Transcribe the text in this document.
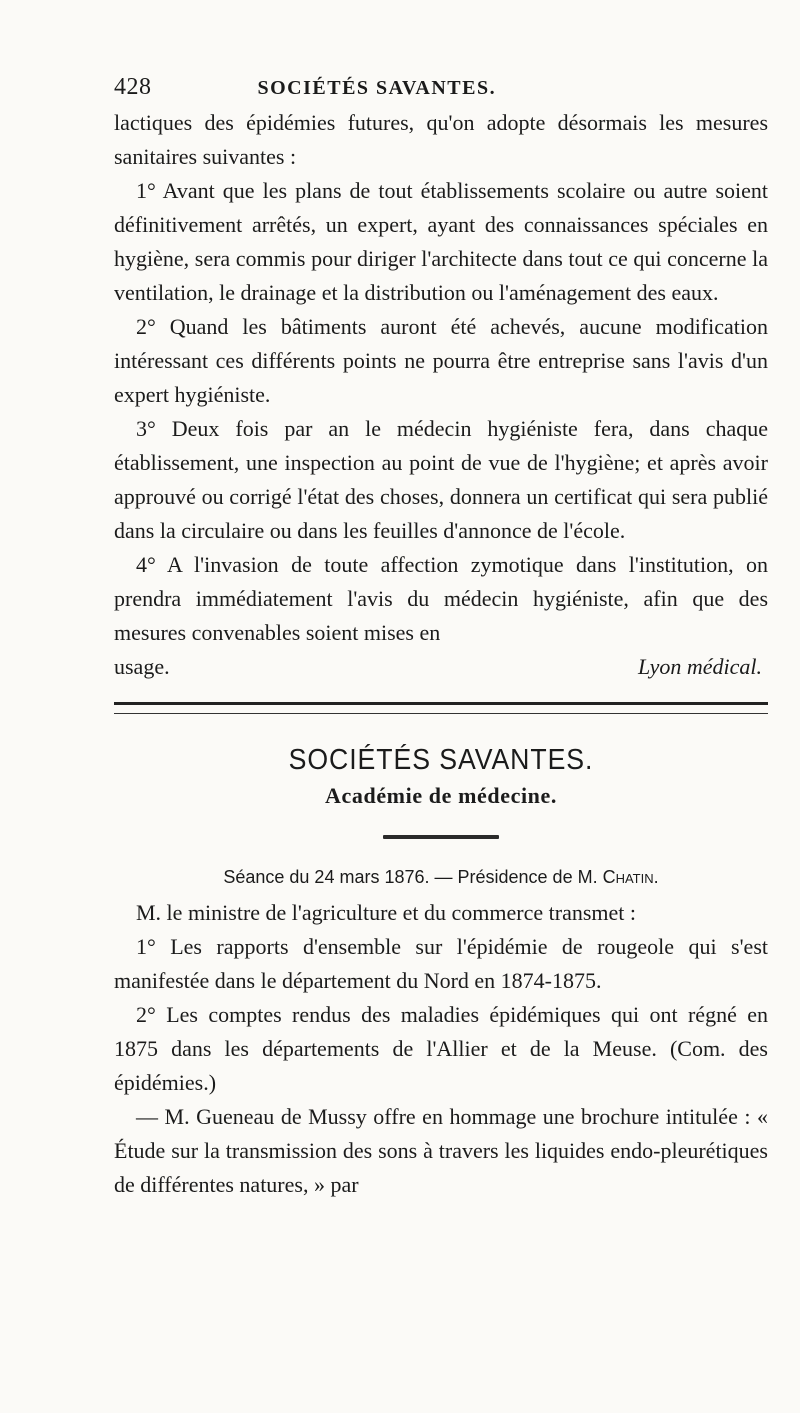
428	SOCIÉTÉS SAVANTES.

lactiques des épidémies futures, qu'on adopte désormais les mesures sanitaires suivantes :

1° Avant que les plans de tout établissements scolaire ou autre soient définitivement arrêtés, un expert, ayant des connaissances spéciales en hygiène, sera commis pour diriger l'architecte dans tout ce qui concerne la ventilation, le drainage et la distribution ou l'aménagement des eaux.

2° Quand les bâtiments auront été achevés, aucune modification intéressant ces différents points ne pourra être entreprise sans l'avis d'un expert hygiéniste.

3° Deux fois par an le médecin hygiéniste fera, dans chaque établissement, une inspection au point de vue de l'hygiène; et après avoir approuvé ou corrigé l'état des choses, donnera un certificat qui sera publié dans la circulaire ou dans les feuilles d'annonce de l'école.

4° A l'invasion de toute affection zymotique dans l'institution, on prendra immédiatement l'avis du médecin hygiéniste, afin que des mesures convenables soient mises en

usage.	Lyon médical.
SOCIÉTÉS SAVANTES.
Académie de médecine.
Séance du 24 mars 1876. — Présidence de M. Chatin.

M. le ministre de l'agriculture et du commerce transmet :

1° Les rapports d'ensemble sur l'épidémie de rougeole qui s'est manifestée dans le département du Nord en 1874-1875.

2° Les comptes rendus des maladies épidémiques qui ont régné en 1875 dans les départements de l'Allier et de la Meuse. (Com. des épidémies.)

— M. Gueneau de Mussy offre en hommage une brochure intitulée : « Étude sur la transmission des sons à travers les liquides endo-pleurétiques de différentes natures, » par
